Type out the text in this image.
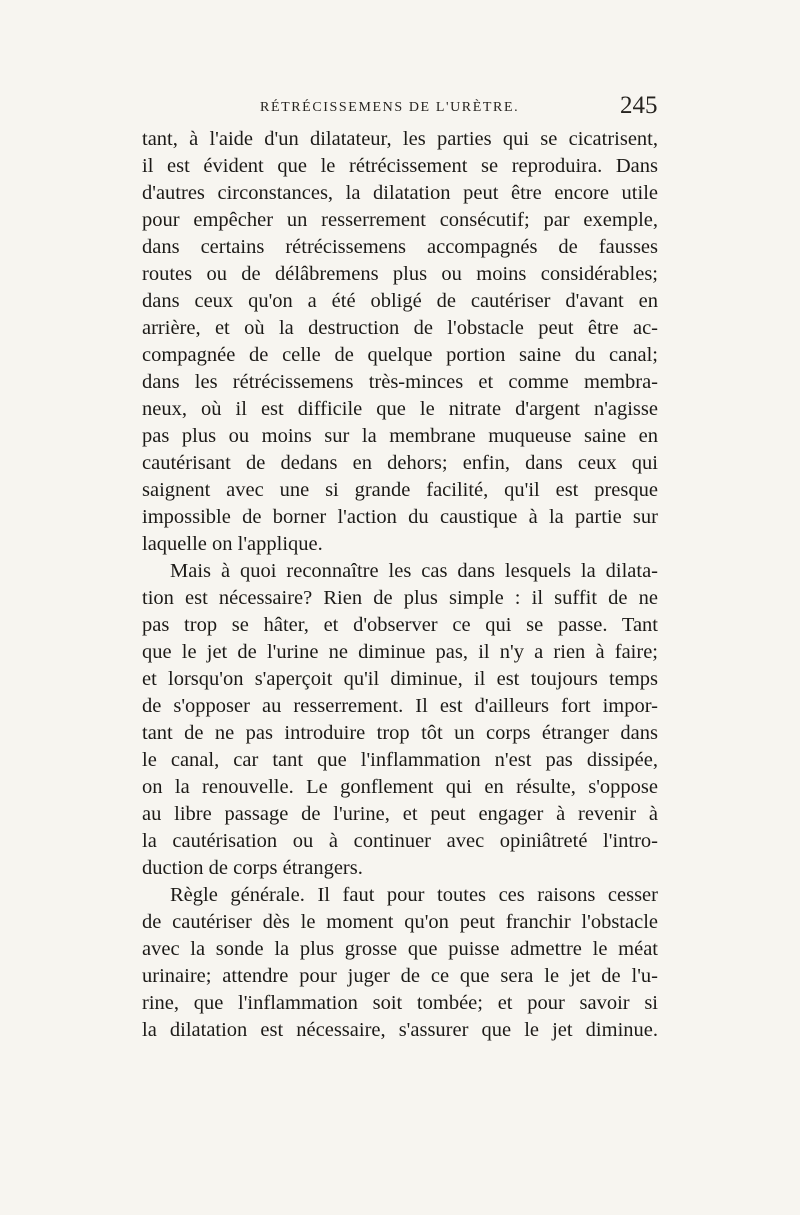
RÉTRÉCISSEMENS DE L'URÈTRE.	245
tant, à l'aide d'un dilatateur, les parties qui se cicatrisent,
il est évident que le rétrécissement se reproduira. Dans
d'autres circonstances, la dilatation peut être encore utile
pour empêcher un resserrement consécutif; par exemple,
dans certains rétrécissemens accompagnés de fausses
routes ou de délâbremens plus ou moins considérables;
dans ceux qu'on a été obligé de cautériser d'avant en
arrière, et où la destruction de l'obstacle peut être ac-
compagnée de celle de quelque portion saine du canal;
dans les rétrécissemens très-minces et comme membra-
neux, où il est difficile que le nitrate d'argent n'agisse
pas plus ou moins sur la membrane muqueuse saine en
cautérisant de dedans en dehors; enfin, dans ceux qui
saignent avec une si grande facilité, qu'il est presque
impossible de borner l'action du caustique à la partie sur
laquelle on l'applique.
Mais à quoi reconnaître les cas dans lesquels la dilata-
tion est nécessaire? Rien de plus simple : il suffit de ne
pas trop se hâter, et d'observer ce qui se passe. Tant
que le jet de l'urine ne diminue pas, il n'y a rien à faire;
et lorsqu'on s'aperçoit qu'il diminue, il est toujours temps
de s'opposer au resserrement. Il est d'ailleurs fort impor-
tant de ne pas introduire trop tôt un corps étranger dans
le canal, car tant que l'inflammation n'est pas dissipée,
on la renouvelle. Le gonflement qui en résulte, s'oppose
au libre passage de l'urine, et peut engager à revenir à
la cautérisation ou à continuer avec opiniâtreté l'intro-
duction de corps étrangers.
Règle générale. Il faut pour toutes ces raisons cesser
de cautériser dès le moment qu'on peut franchir l'obstacle
avec la sonde la plus grosse que puisse admettre le méat
urinaire; attendre pour juger de ce que sera le jet de l'u-
rine, que l'inflammation soit tombée; et pour savoir si
la dilatation est nécessaire, s'assurer que le jet diminue.
